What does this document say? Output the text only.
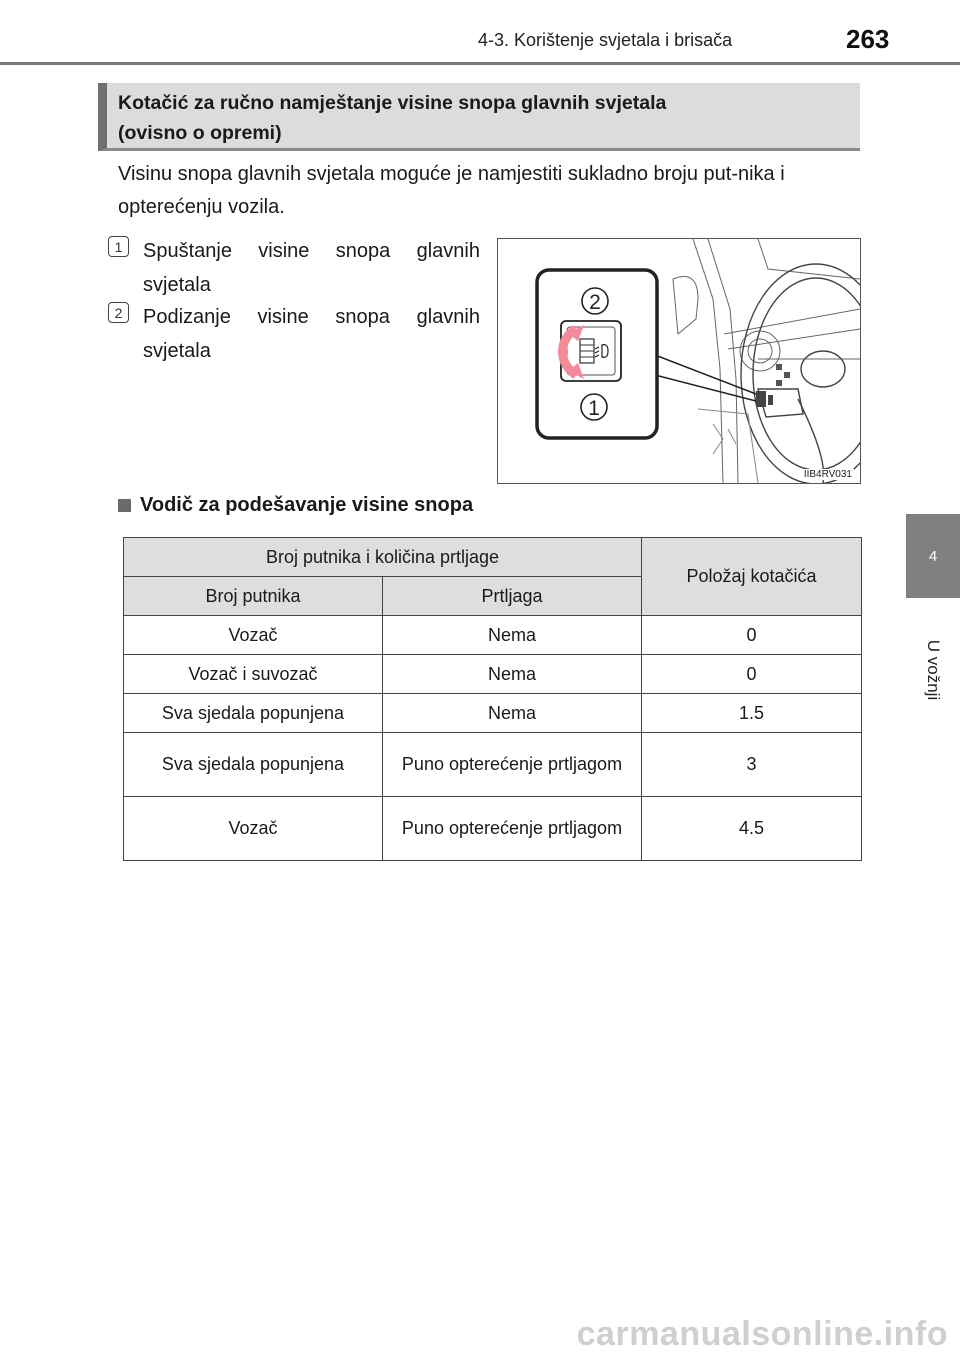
4-3. Korištenje svjetala i brisača	263
4
U vožnji

Kotačić za ručno namještanje visine snopa glavnih svjetala

(ovisno o opremi)

Visinu snopa glavnih svjetala moguće je namjestiti sukladno broju put-nika i opterećenju vozila.

1	Spuštanje visine snopa glavnih svjetala
2	Podizanje visine snopa glavnih svjetala
2
1
IIB4RV031
Vodič za podešavanje visine snopa
Broj putnika i količina prtljage		Položaj kotačića
Broj putnika	Prtljaga	
Vozač	Nema	0
Vozač i suvozač	Nema	0
Sva sjedala popunjena	Nema	1.5
Sva sjedala popunjena	Puno opterećenje prtljagom	3
Vozač	Puno opterećenje prtljagom	4.5
carmanualsonline.info
